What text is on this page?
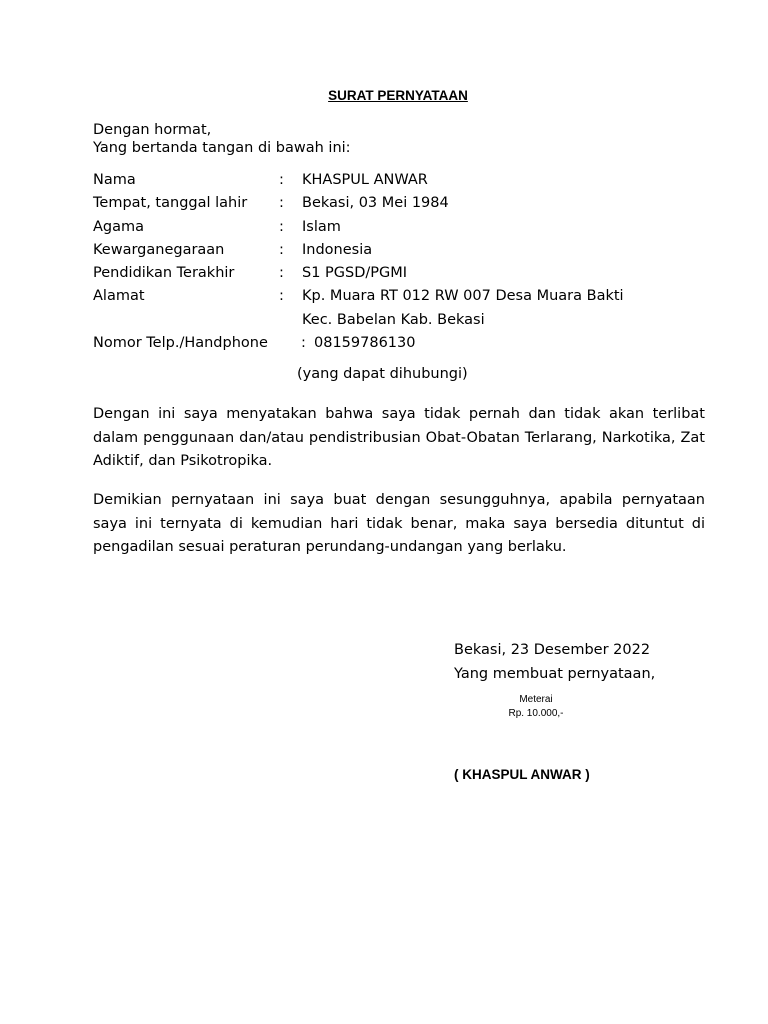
SURAT PERNYATAAN
Dengan hormat,
Yang bertanda tangan di bawah ini:
Nama	: KHASPUL ANWAR
Tempat, tanggal lahir : Bekasi, 03 Mei 1984
Agama	: Islam
Kewarganegaraan	: Indonesia
Pendidikan Terakhir	: S1 PGSD/PGMI
Alamat	: Kp. Muara RT 012 RW 007 Desa Muara Bakti
Kec. Babelan Kab. Bekasi
Nomor Telp./Handphone : 08159786130
(yang dapat dihubungi)
Dengan ini saya menyatakan bahwa saya tidak pernah dan tidak akan terlibat dalam penggunaan dan/atau pendistribusian Obat-Obatan Terlarang, Narkotika, Zat Adiktif, dan Psikotropika.
Demikian pernyataan ini saya buat dengan sesungguhnya, apabila pernyataan saya ini ternyata di kemudian hari tidak benar, maka saya bersedia dituntut di pengadilan sesuai peraturan perundang-undangan yang berlaku.
Bekasi, 23 Desember 2022
Yang membuat pernyataan,
Meterai
Rp. 10.000,-
( KHASPUL ANWAR )
